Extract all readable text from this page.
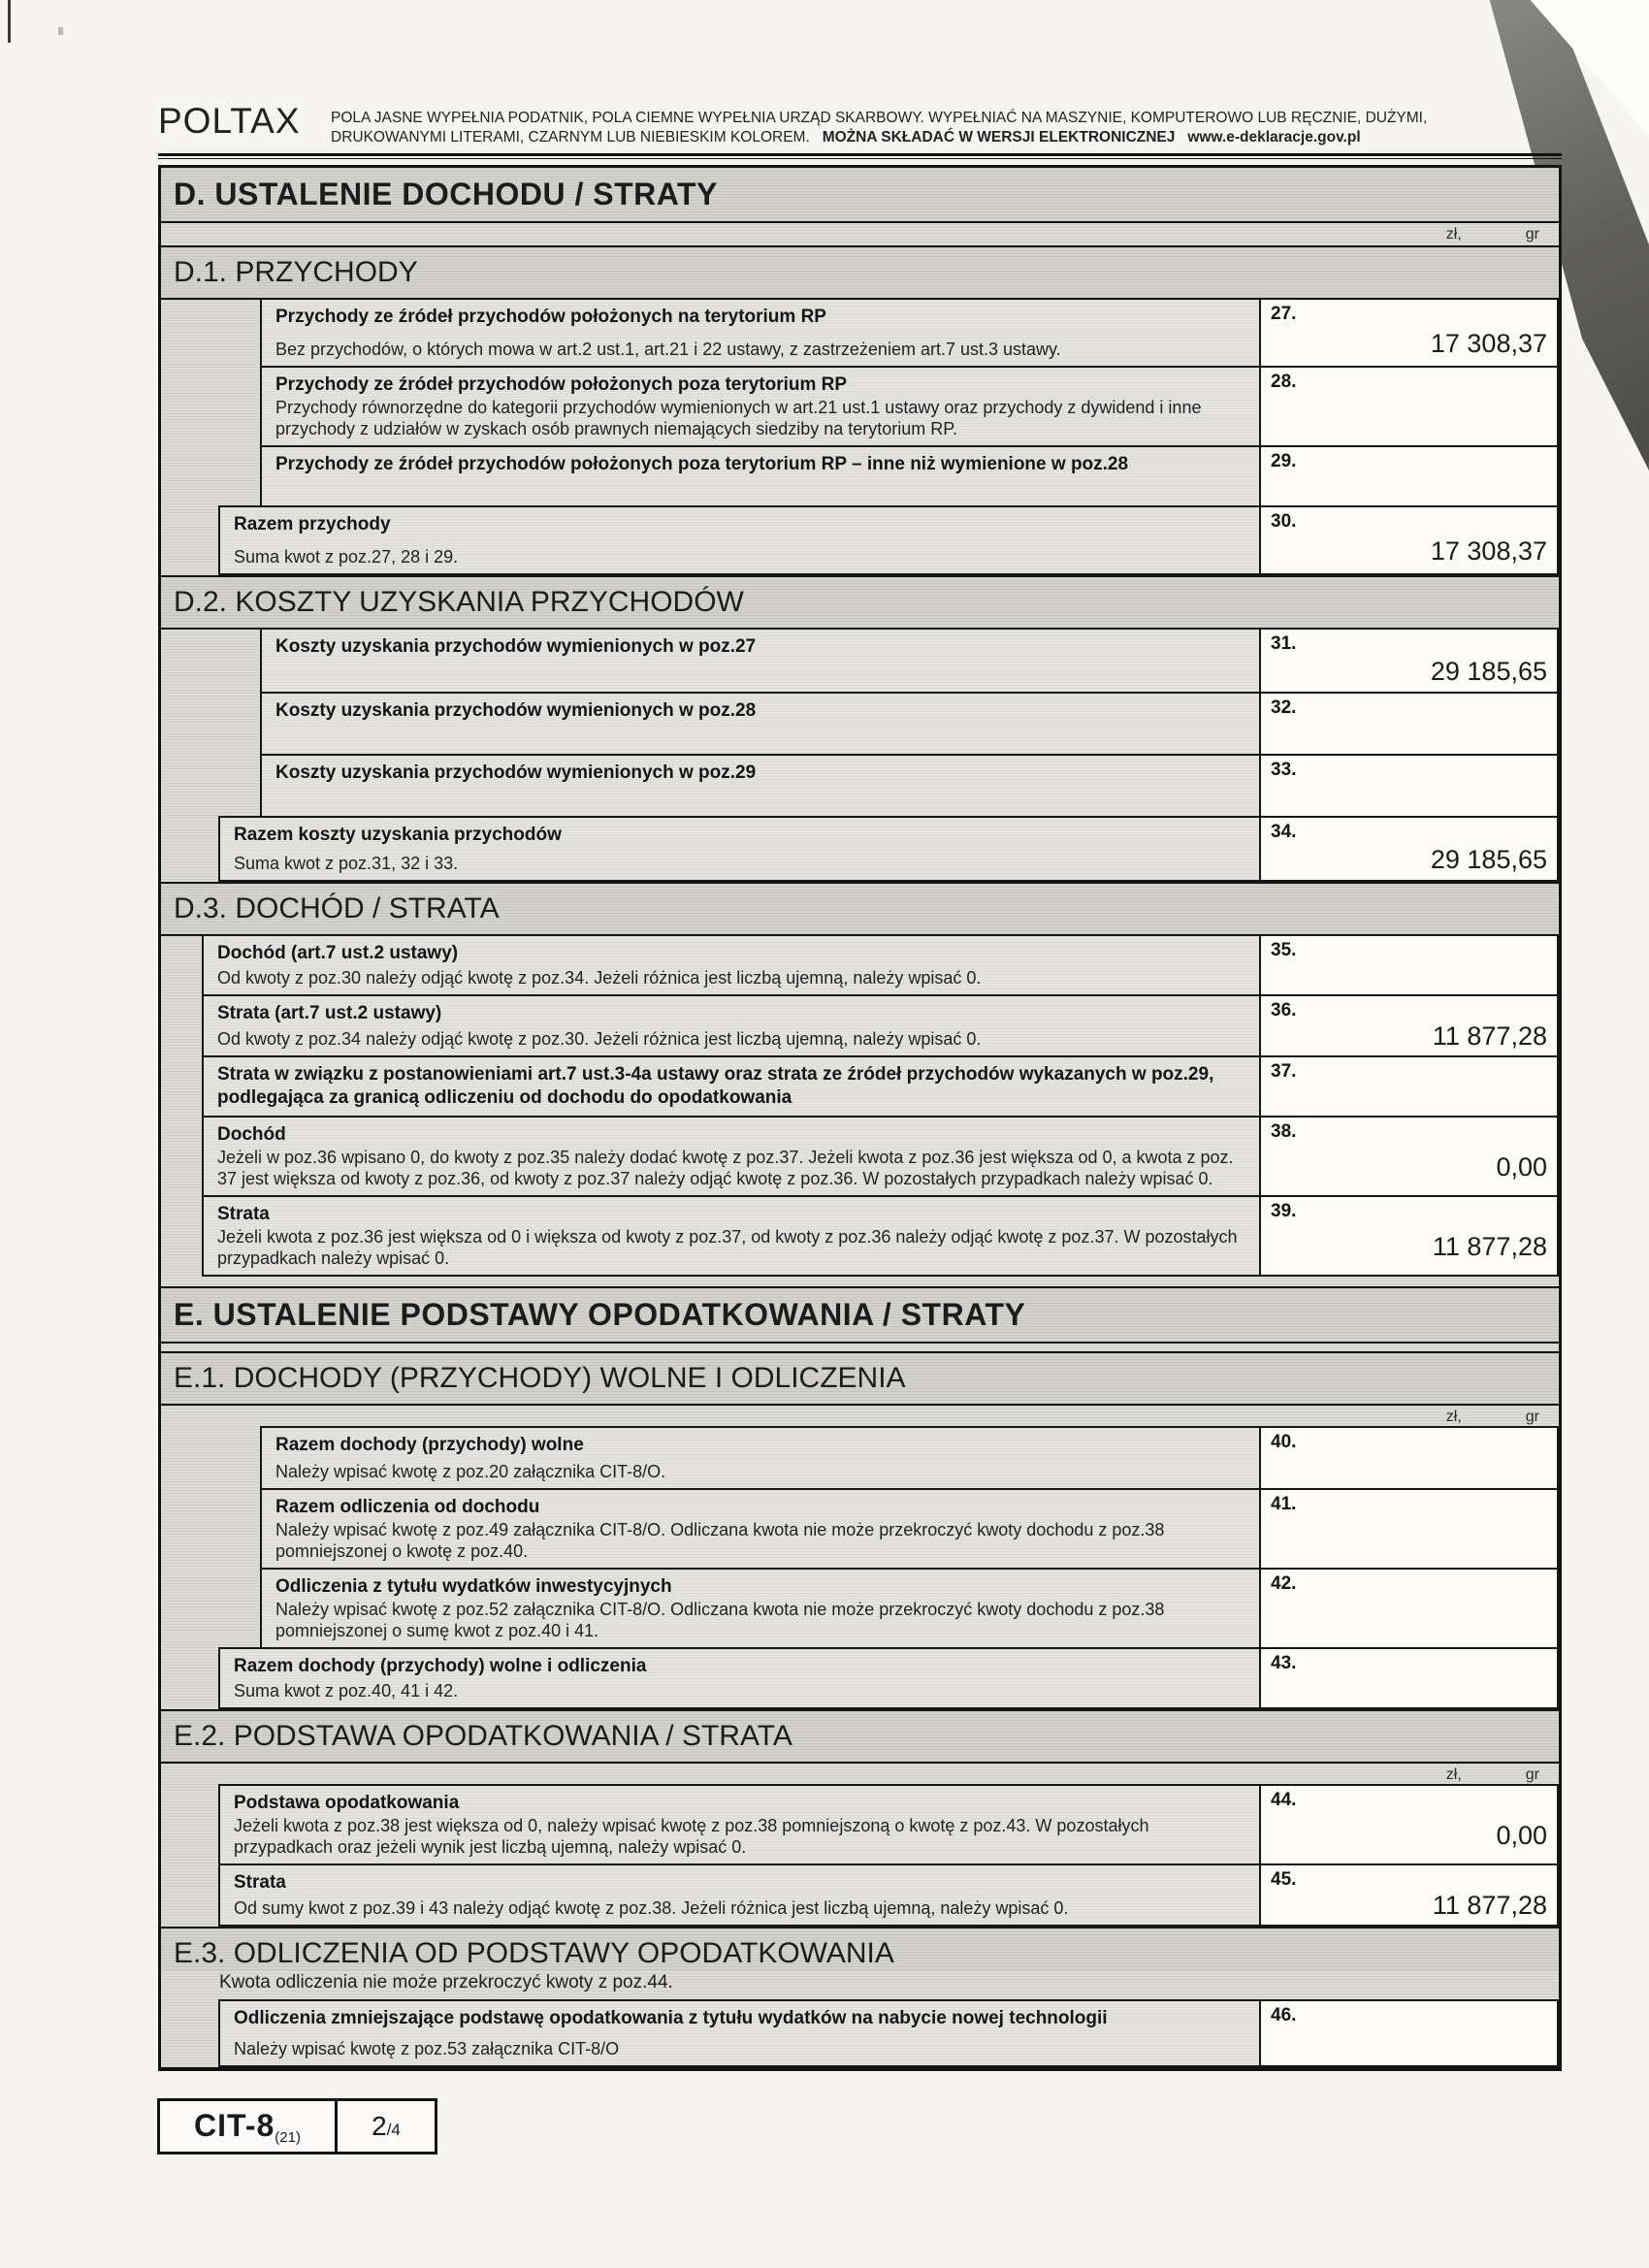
POLTAX POLA JASNE WYPEŁNIA PODATNIK, POLA CIEMNE WYPEŁNIA URZĄD SKARBOWY. WYPEŁNIAĆ NA MASZYNIE, KOMPUTEROWO LUB RĘCZNIE, DUŻYMI,
DRUKOWANYMI LITERAMI, CZARNYM LUB NIEBIESKIM KOLOREM. MOŻNA SKŁADAĆ W WERSJI ELEKTRONICZNEJ www.e-deklaracje.gov.pl
D. USTALENIE DOCHODU / STRATY
zł,	gr
D.1. PRZYCHODY
Przychody ze źródeł przychodów położonych na terytorium RP
Bez przychodów, o których mowa w art.2 ust.1, art.21 i 22 ustawy, z zastrzeżeniem art.7 ust.3 ustawy.
27.
17 308,37
Przychody ze źródeł przychodów położonych poza terytorium RP
Przychody równorzędne do kategorii przychodów wymienionych w art.21 ust.1 ustawy oraz przychody z dywidend i inne przychody z udziałów w zyskach osób prawnych niemających siedziby na terytorium RP.
28.
Przychody ze źródeł przychodów położonych poza terytorium RP – inne niż wymienione w poz.28	29.
Razem przychody
Suma kwot z poz.27, 28 i 29.
30.
17 308,37
D.2. KOSZTY UZYSKANIA PRZYCHODÓW
Koszty uzyskania przychodów wymienionych w poz.27	31.
29 185,65
Koszty uzyskania przychodów wymienionych w poz.28	32.
Koszty uzyskania przychodów wymienionych w poz.29	33.
Razem koszty uzyskania przychodów
Suma kwot z poz.31, 32 i 33.
34.
29 185,65
D.3. DOCHÓD / STRATA
Dochód (art.7 ust.2 ustawy)
Od kwoty z poz.30 należy odjąć kwotę z poz.34. Jeżeli różnica jest liczbą ujemną, należy wpisać 0.
35.
Strata (art.7 ust.2 ustawy)
Od kwoty z poz.34 należy odjąć kwotę z poz.30. Jeżeli różnica jest liczbą ujemną, należy wpisać 0.
36.
11 877,28
Strata w związku z postanowieniami art.7 ust.3-4a ustawy oraz strata ze źródeł przychodów wykazanych w poz.29, podlegająca za granicą odliczeniu od dochodu do opodatkowania
37.
Dochód
Jeżeli w poz.36 wpisano 0, do kwoty z poz.35 należy dodać kwotę z poz.37. Jeżeli kwota z poz.36 jest większa od 0, a kwota z poz. 37 jest większa od kwoty z poz.36, od kwoty z poz.37 należy odjąć kwotę z poz.36. W pozostałych przypadkach należy wpisać 0.
38.
0,00
Strata
Jeżeli kwota z poz.36 jest większa od 0 i większa od kwoty z poz.37, od kwoty z poz.36 należy odjąć kwotę z poz.37. W pozostałych przypadkach należy wpisać 0.
39.
11 877,28
E. USTALENIE PODSTAWY OPODATKOWANIA / STRATY
E.1. DOCHODY (PRZYCHODY) WOLNE I ODLICZENIA
zł,	gr
Razem dochody (przychody) wolne
Należy wpisać kwotę z poz.20 załącznika CIT-8/O.
40.
Razem odliczenia od dochodu
Należy wpisać kwotę z poz.49 załącznika CIT-8/O. Odliczana kwota nie może przekroczyć kwoty dochodu z poz.38 pomniejszonej o kwotę z poz.40.
41.
Odliczenia z tytułu wydatków inwestycyjnych
Należy wpisać kwotę z poz.52 załącznika CIT-8/O. Odliczana kwota nie może przekroczyć kwoty dochodu z poz.38 pomniejszonej o sumę kwot z poz.40 i 41.
42.
Razem dochody (przychody) wolne i odliczenia
Suma kwot z poz.40, 41 i 42.
43.
E.2. PODSTAWA OPODATKOWANIA / STRATA
zł,	gr
Podstawa opodatkowania
Jeżeli kwota z poz.38 jest większa od 0, należy wpisać kwotę z poz.38 pomniejszoną o kwotę z poz.43. W pozostałych przypadkach oraz jeżeli wynik jest liczbą ujemną, należy wpisać 0.
44.
0,00
Strata
Od sumy kwot z poz.39 i 43 należy odjąć kwotę z poz.38. Jeżeli różnica jest liczbą ujemną, należy wpisać 0.
45.
11 877,28
E.3. ODLICZENIA OD PODSTAWY OPODATKOWANIA
Kwota odliczenia nie może przekroczyć kwoty z poz.44.
Odliczenia zmniejszające podstawę opodatkowania z tytułu wydatków na nabycie nowej technologii
Należy wpisać kwotę z poz.53 załącznika CIT-8/O
46.
CIT-8(21)	2/4
